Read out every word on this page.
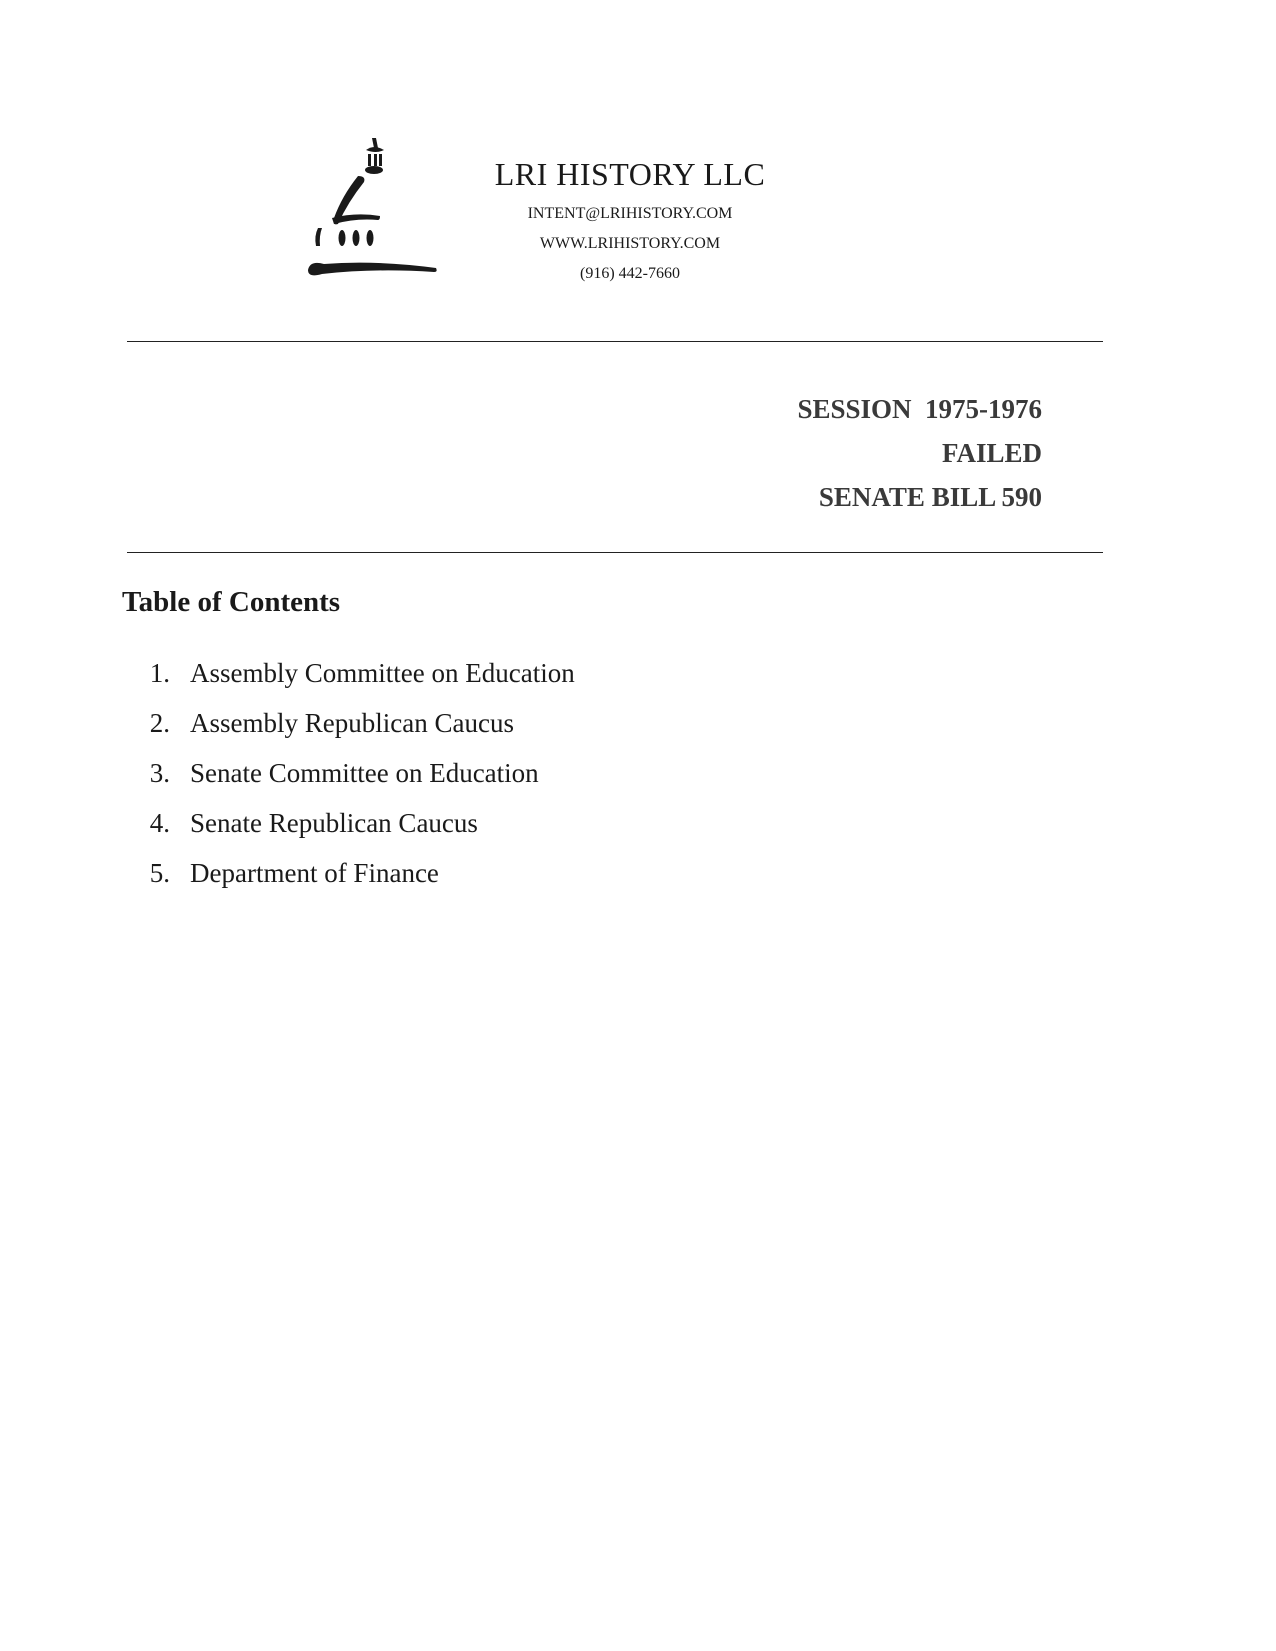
LRI HISTORY LLC
INTENT@LRIHISTORY.COM
WWW.LRIHISTORY.COM
(916) 442-7660
SESSION  1975-1976
FAILED
SENATE BILL 590
Table of Contents
1. Assembly Committee on Education
2. Assembly Republican Caucus
3. Senate Committee on Education
4. Senate Republican Caucus
5. Department of Finance
